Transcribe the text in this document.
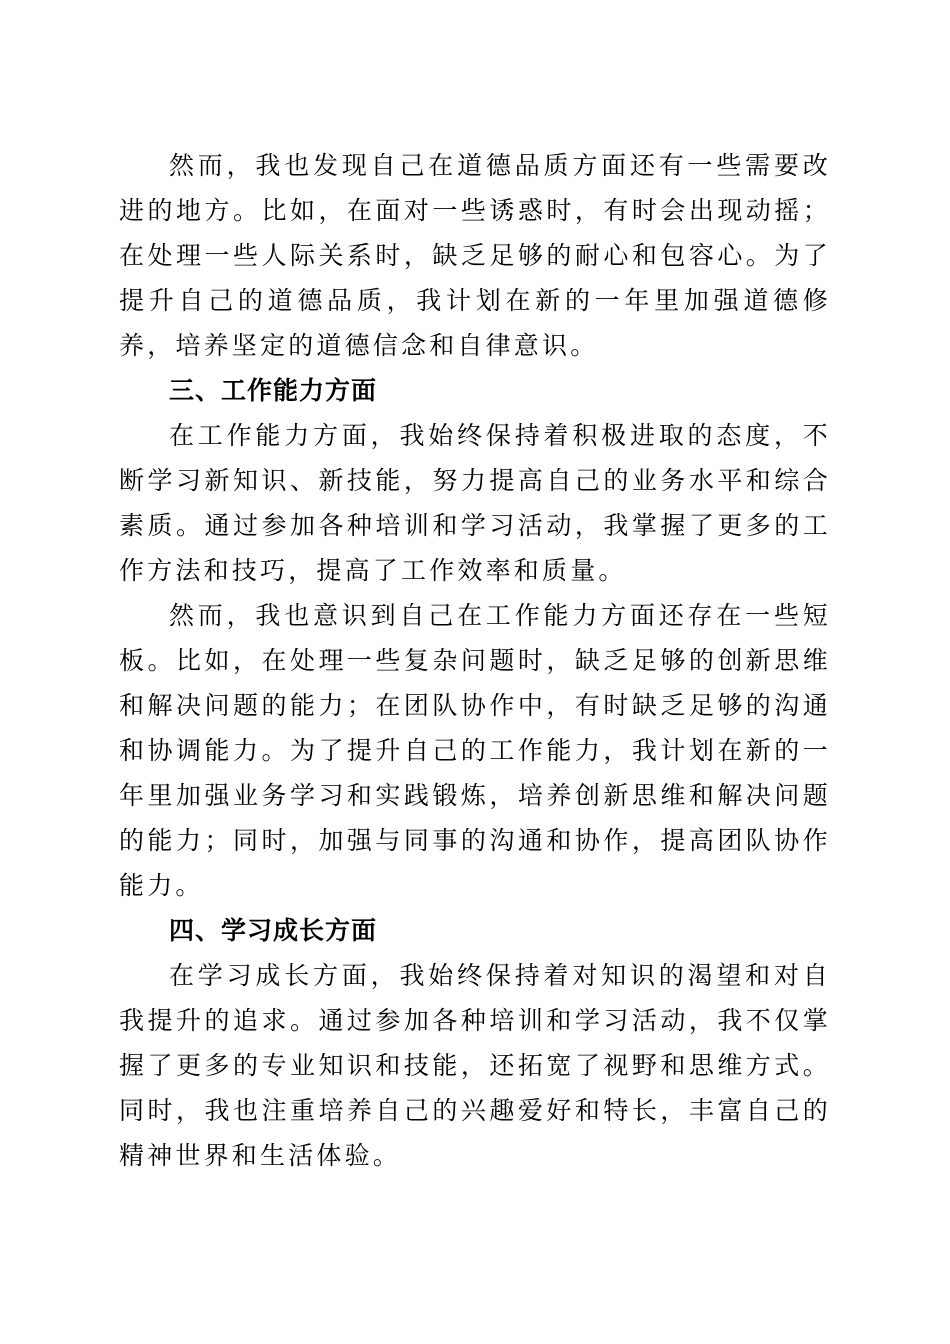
然而，我也发现自己在道德品质方面还有一些需要改进的地方。比如，在面对一些诱惑时，有时会出现动摇；在处理一些人际关系时，缺乏足够的耐心和包容心。为了提升自己的道德品质，我计划在新的一年里加强道德修养，培养坚定的道德信念和自律意识。

三、工作能力方面

在工作能力方面，我始终保持着积极进取的态度，不断学习新知识、新技能，努力提高自己的业务水平和综合素质。通过参加各种培训和学习活动，我掌握了更多的工作方法和技巧，提高了工作效率和质量。

然而，我也意识到自己在工作能力方面还存在一些短板。比如，在处理一些复杂问题时，缺乏足够的创新思维和解决问题的能力；在团队协作中，有时缺乏足够的沟通和协调能力。为了提升自己的工作能力，我计划在新的一年里加强业务学习和实践锻炼，培养创新思维和解决问题的能力；同时，加强与同事的沟通和协作，提高团队协作能力。

四、学习成长方面

在学习成长方面，我始终保持着对知识的渴望和对自我提升的追求。通过参加各种培训和学习活动，我不仅掌握了更多的专业知识和技能，还拓宽了视野和思维方式。同时，我也注重培养自己的兴趣爱好和特长，丰富自己的精神世界和生活体验。
